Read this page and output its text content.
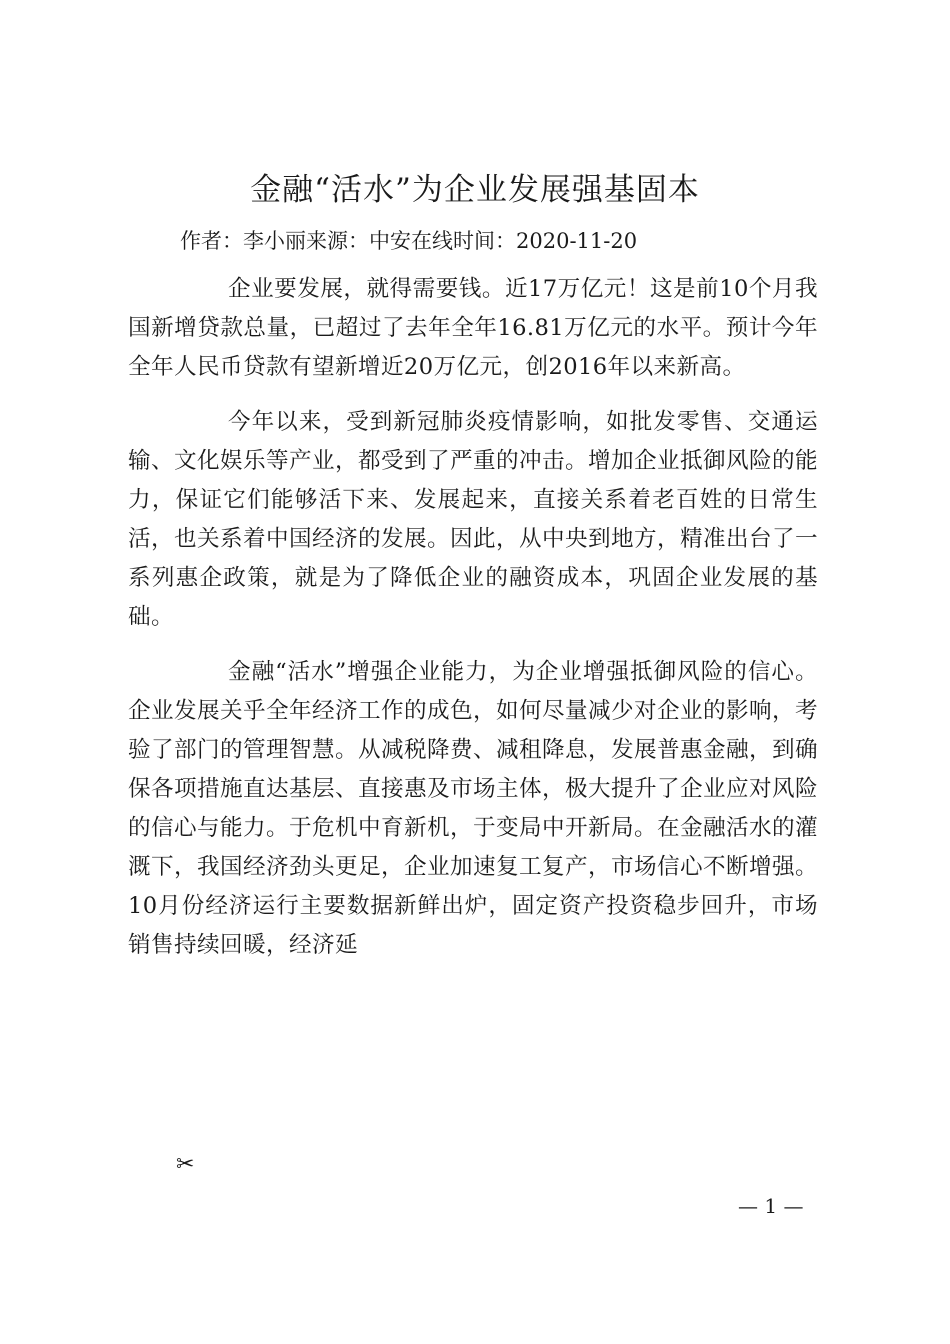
金融“活水”为企业发展强基固本
作者：李小丽来源：中安在线时间：2020-11-20

企业要发展，就得需要钱。近17万亿元！这是前10个月我国新增贷款总量，已超过了去年全年16.81万亿元的水平。预计今年全年人民币贷款有望新增近20万亿元，创2016年以来新高。

今年以来，受到新冠肺炎疫情影响，如批发零售、交通运输、文化娱乐等产业，都受到了严重的冲击。增加企业抵御风险的能力，保证它们能够活下来、发展起来，直接关系着老百姓的日常生活，也关系着中国经济的发展。因此，从中央到地方，精准出台了一系列惠企政策，就是为了降低企业的融资成本，巩固企业发展的基础。

金融“活水”增强企业能力，为企业增强抵御风险的信心。企业发展关乎全年经济工作的成色，如何尽量减少对企业的影响，考验了部门的管理智慧。从减税降费、减租降息，发展普惠金融，到确保各项措施直达基层、直接惠及市场主体，极大提升了企业应对风险的信心与能力。于危机中育新机，于变局中开新局。在金融活水的灌溉下，我国经济劲头更足，企业加速复工复产，市场信心不断增强。10月份经济运行主要数据新鲜出炉，固定资产投资稳步回升，市场销售持续回暖，经济延

✂
— 1 —
